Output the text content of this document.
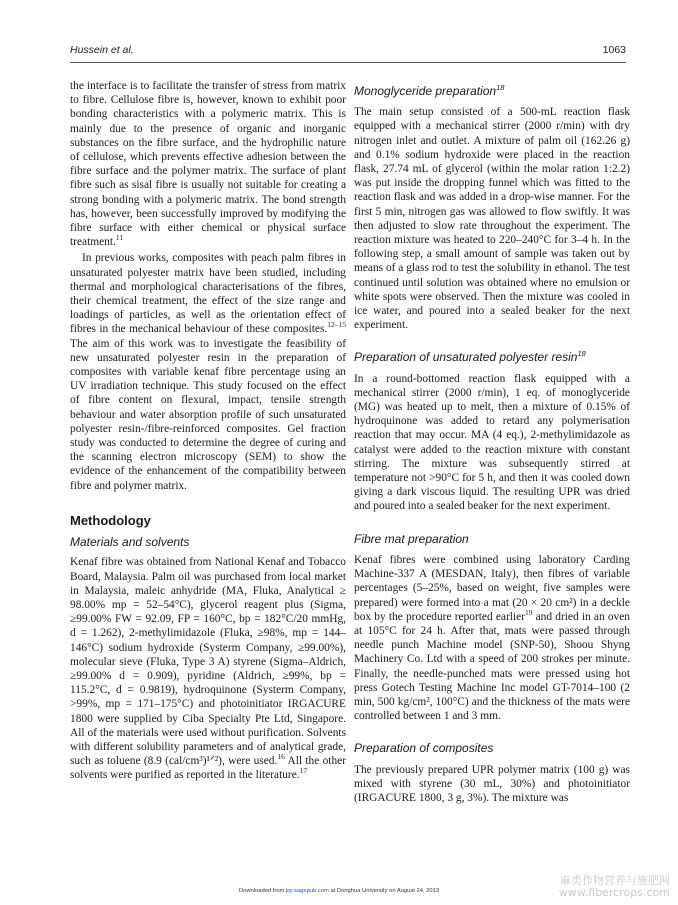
Hussein et al.	1063

the interface is to facilitate the transfer of stress from matrix to fibre. Cellulose fibre is, however, known to exhibit poor bonding characteristics with a polymeric matrix. This is mainly due to the presence of organic and inorganic substances on the fibre surface, and the hydrophilic nature of cellulose, which prevents effective adhesion between the fibre surface and the polymer matrix. The surface of plant fibre such as sisal fibre is usually not suitable for creating a strong bonding with a polymeric matrix. The bond strength has, however, been successfully improved by modifying the fibre surface with either chemical or physical surface treatment.$^{11}$

In previous works, composites with peach palm fibres in unsaturated polyester matrix have been studied, including thermal and morphological characterisations of the fibres, their chemical treatment, the effect of the size range and loadings of particles, as well as the orientation effect of fibres in the mechanical behaviour of these composites.$^{12-15}$ The aim of this work was to investigate the feasibility of new unsaturated polyester resin in the preparation of composites with variable kenaf fibre percentage using an UV irradiation technique. This study focused on the effect of fibre content on flexural, impact, tensile strength behaviour and water absorption profile of such unsaturated polyester resin-/fibre-reinforced composites. Gel fraction study was conducted to determine the degree of curing and the scanning electron microscopy (SEM) to show the evidence of the enhancement of the compatibility between fibre and polymer matrix.

Methodology
Materials and solvents

Kenaf fibre was obtained from National Kenaf and Tobacco Board, Malaysia. Palm oil was purchased from local market in Malaysia, maleic anhydride (MA, Fluka, Analytical ≥ 98.00% mp = 52–54°C), glycerol reagent plus (Sigma, ≥99.00% FW = 92.09, FP = 160°C, bp = 182°C/20 mmHg, d = 1.262), 2-methylimidazole (Fluka, ≥98%, mp = 144–146°C) sodium hydroxide (Systerm Company, ≥99.00%), molecular sieve (Fluka, Type 3 A) styrene (Sigma–Aldrich, ≥99.00% d = 0.909), pyridine (Aldrich, ≥99%, bp = 115.2°C, d = 0.9819), hydroquinone (Systerm Company, >99%, mp = 171–175°C) and photoinitiator IRGACURE 1800 were supplied by Ciba Specialty Pte Ltd, Singapore. All of the materials were used without purification. Solvents with different solubility parameters and of analytical grade, such as toluene (8.9 (cal/cm³)¹ᐟ²), were used.$^{16}$ All the other solvents were purified as reported in the literature.$^{17}$

Monoglyceride preparation$^{18}$

The main setup consisted of a 500-mL reaction flask equipped with a mechanical stirrer (2000 r/min) with dry nitrogen inlet and outlet. A mixture of palm oil (162.26 g) and 0.1% sodium hydroxide were placed in the reaction flask, 27.74 mL of glycerol (within the molar ration 1:2.2) was put inside the dropping funnel which was fitted to the reaction flask and was added in a drop-wise manner. For the first 5 min, nitrogen gas was allowed to flow swiftly. It was then adjusted to slow rate throughout the experiment. The reaction mixture was heated to 220–240°C for 3–4 h. In the following step, a small amount of sample was taken out by means of a glass rod to test the solubility in ethanol. The test continued until solution was obtained where no emulsion or white spots were observed. Then the mixture was cooled in ice water, and poured into a sealed beaker for the next experiment.

Preparation of unsaturated polyester resin$^{18}$

In a round-bottomed reaction flask equipped with a mechanical stirrer (2000 r/min), 1 eq. of monoglyceride (MG) was heated up to melt, then a mixture of 0.15% of hydroquinone was added to retard any polymerisation reaction that may occur. MA (4 eq.), 2-methylimidazole as catalyst were added to the reaction mixture with constant stirring. The mixture was subsequently stirred at temperature not >90°C for 5 h, and then it was cooled down giving a dark viscous liquid. The resulting UPR was dried and poured into a sealed beaker for the next experiment.

Fibre mat preparation

Kenaf fibres were combined using laboratory Carding Machine-337 A (MESDAN, Italy), then fibres of variable percentages (5–25%, based on weight, five samples were prepared) were formed into a mat (20 × 20 cm²) in a deckle box by the procedure reported earlier$^{19}$ and dried in an oven at 105°C for 24 h. After that, mats were passed through needle punch Machine model (SNP-50), Shoou Shyng Machinery Co. Ltd with a speed of 200 strokes per minute. Finally, the needle-punched mats were pressed using hot press Gotech Testing Machine Inc model GT-7014–100 (2 min, 500 kg/cm², 100°C) and the thickness of the mats were controlled between 1 and 3 mm.

Preparation of composites

The previously prepared UPR polymer matrix (100 g) was mixed with styrene (30 mL, 30%) and photoinitiator (IRGACURE 1800, 3 g, 3%). The mixture was

Downloaded from jrp.sagepub.com at Donghua University on August 24, 2013
麻类作物营养与施肥网
www.fibercrops.com
